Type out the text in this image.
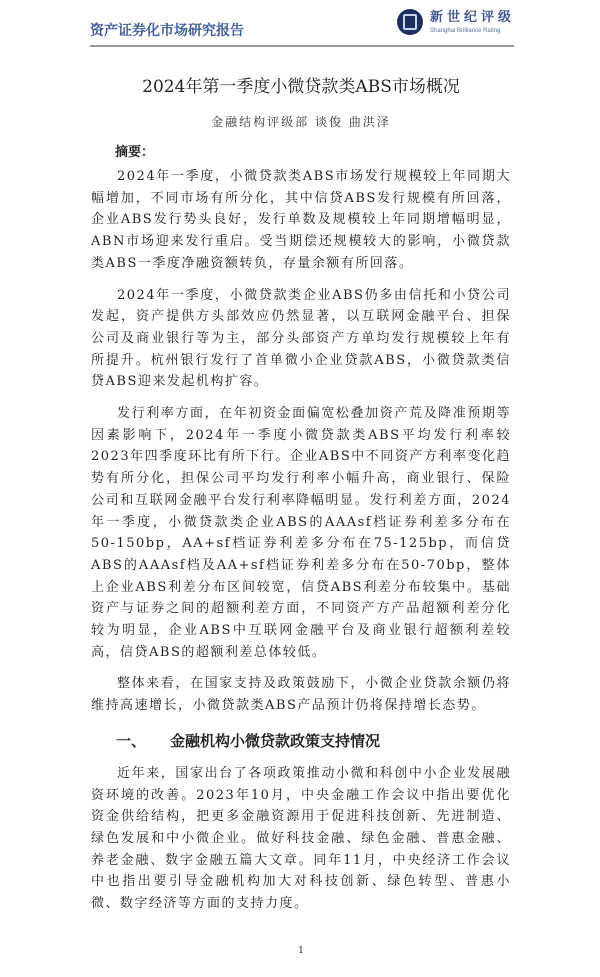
资产证券化市场研究报告
新世纪评级
Shanghai Brilliance Rating
2024年第一季度小微贷款类ABS市场概况
金融结构评级部 谈俊 曲洪泽
摘要：
2024年一季度，小微贷款类ABS市场发行规模较上年同期大幅增加，不同市场有所分化，其中信贷ABS发行规模有所回落，企业ABS发行势头良好，发行单数及规模较上年同期增幅明显，ABN市场迎来发行重启。受当期偿还规模较大的影响，小微贷款类ABS一季度净融资额转负，存量余额有所回落。
2024年一季度，小微贷款类企业ABS仍多由信托和小贷公司发起，资产提供方头部效应仍然显著，以互联网金融平台、担保公司及商业银行等为主，部分头部资产方单均发行规模较上年有所提升。杭州银行发行了首单微小企业贷款ABS，小微贷款类信贷ABS迎来发起机构扩容。
发行利率方面，在年初资金面偏宽松叠加资产荒及降准预期等因素影响下，2024年一季度小微贷款类ABS平均发行利率较2023年四季度环比有所下行。企业ABS中不同资产方利率变化趋势有所分化，担保公司平均发行利率小幅升高，商业银行、保险公司和互联网金融平台发行利率降幅明显。发行利差方面，2024年一季度，小微贷款类企业ABS的AAAsf档证券利差多分布在50-150bp，AA+sf档证券利差多分布在75-125bp，而信贷ABS的AAAsf档及AA+sf档证券利差多分布在50-70bp，整体上企业ABS利差分布区间较宽，信贷ABS利差分布较集中。基础资产与证券之间的超额利差方面，不同资产方产品超额利差分化较为明显，企业ABS中互联网金融平台及商业银行超额利差较高，信贷ABS的超额利差总体较低。
整体来看，在国家支持及政策鼓励下，小微企业贷款余额仍将维持高速增长，小微贷款类ABS产品预计仍将保持增长态势。
一、 金融机构小微贷款政策支持情况
近年来，国家出台了各项政策推动小微和科创中小企业发展融资环境的改善。2023年10月，中央金融工作会议中指出要优化资金供给结构，把更多金融资源用于促进科技创新、先进制造、绿色发展和中小微企业。做好科技金融、绿色金融、普惠金融、养老金融、数字金融五篇大文章。同年11月，中央经济工作会议中也指出要引导金融机构加大对科技创新、绿色转型、普惠小微、数字经济等方面的支持力度。
1
